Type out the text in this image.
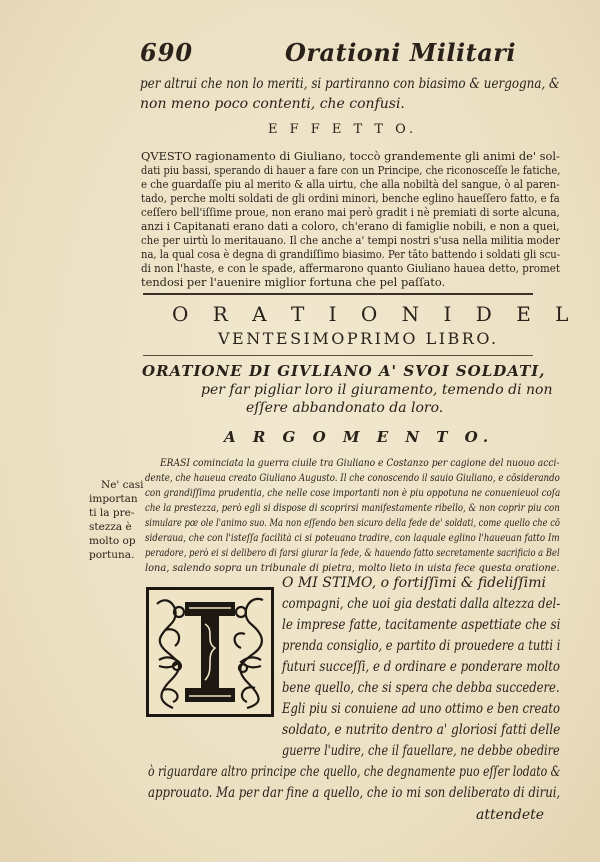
690	Orationi Militari
per altrui che non lo meriti, si partiranno con biasimo & uergogna, &
non meno poco contenti, che confusi.
E F F E T T O.
QVESTO ragionamento di Giuliano, toccò grandemente gli animi de' sol-
dati piu bassi, sperando di hauer a fare con un Principe, che riconosceſſe le fatiche,
e che guardaſſe piu al merito & alla uirtu, che alla nobiltà del sangue, ò al paren-
tado, perche molti soldati de gli ordini minori, benche eglino haueſſero fatto, e fa
ceſſero bell'iſſime proue, non erano mai però gradit i nè premiati di sorte alcuna,
anzi i Capitanati erano dati a coloro, ch'erano di famiglie nobili, e non a quei,
che per uirtù lo meritauano. Il che anche a' tempi nostri s'usa nella militia moder
na, la qual cosa è degna di grandiſſimo biasimo. Per tāto battendo i soldati gli scu-
di non l'haste, e con le spade, affermarono quanto Giuliano hauea detto, promet
tendosi per l'auenire miglior fortuna che pel paſſato.
O R A T I O N I D E L
VENTESIMOPRIMO LIBRO.
ORATIONE DI GIVLIANO A' SVOI SOLDATI,
per far pigliar loro il giuramento, temendo di non
eſſere abbandonato da loro.
A R G O M E N T O.
Ne' casi
importan
ti la pre-
stezza è
molto op
portuna.
ERASI cominciata la guerra ciuile tra Giuliano e Costanzo per cagione del nuouo acci-
dente, che haueua creato Giuliano Augusto. Il che conoscendo il sauio Giuliano, e cōsiderando
con grandiſſima prudentia, che nelle cose importanti non è piu oppotuna ne conuenieuol coſa
che la prestezza, però egli si dispose di scoprirsi manifestamente ribello, & non coprir piu con
simulare pœ ole l'animo suo. Ma non eſſendo ben sicuro della fede de' soldati, come quello che cō
sideraua, che con l'isteſſa facilità ci si poteuano tradire, con laquale eglino l'haueuan fatto Im
peradore, però ei si delibero di farsi giurar la fede, & hauendo fatto secretamente sacrificio a Bel
lona, salendo sopra un tribunale di pietra, molto lieto in uista fece questa oratione.
O MI STIMO, o fortiſſimi & fideliſſimi
compagni, che uoi gia destati dalla altezza del-
le imprese fatte, tacitamente aspettiate che si
prenda consiglio, e partito di prouedere a tutti i
futuri succeſſi, e d ordinare e ponderare molto
bene quello, che si spera che debba succedere.
Egli piu si conuiene ad uno ottimo e ben creato
soldato, e nutrito dentro a' gloriosi fatti delle
guerre l'udire, che il fauellare, ne debbe obedire
ò riguardare altro principe che quello, che degnamente puo eſſer lodato &
approuato. Ma per dar fine a quello, che io mi son deliberato di dirui,
attendete
